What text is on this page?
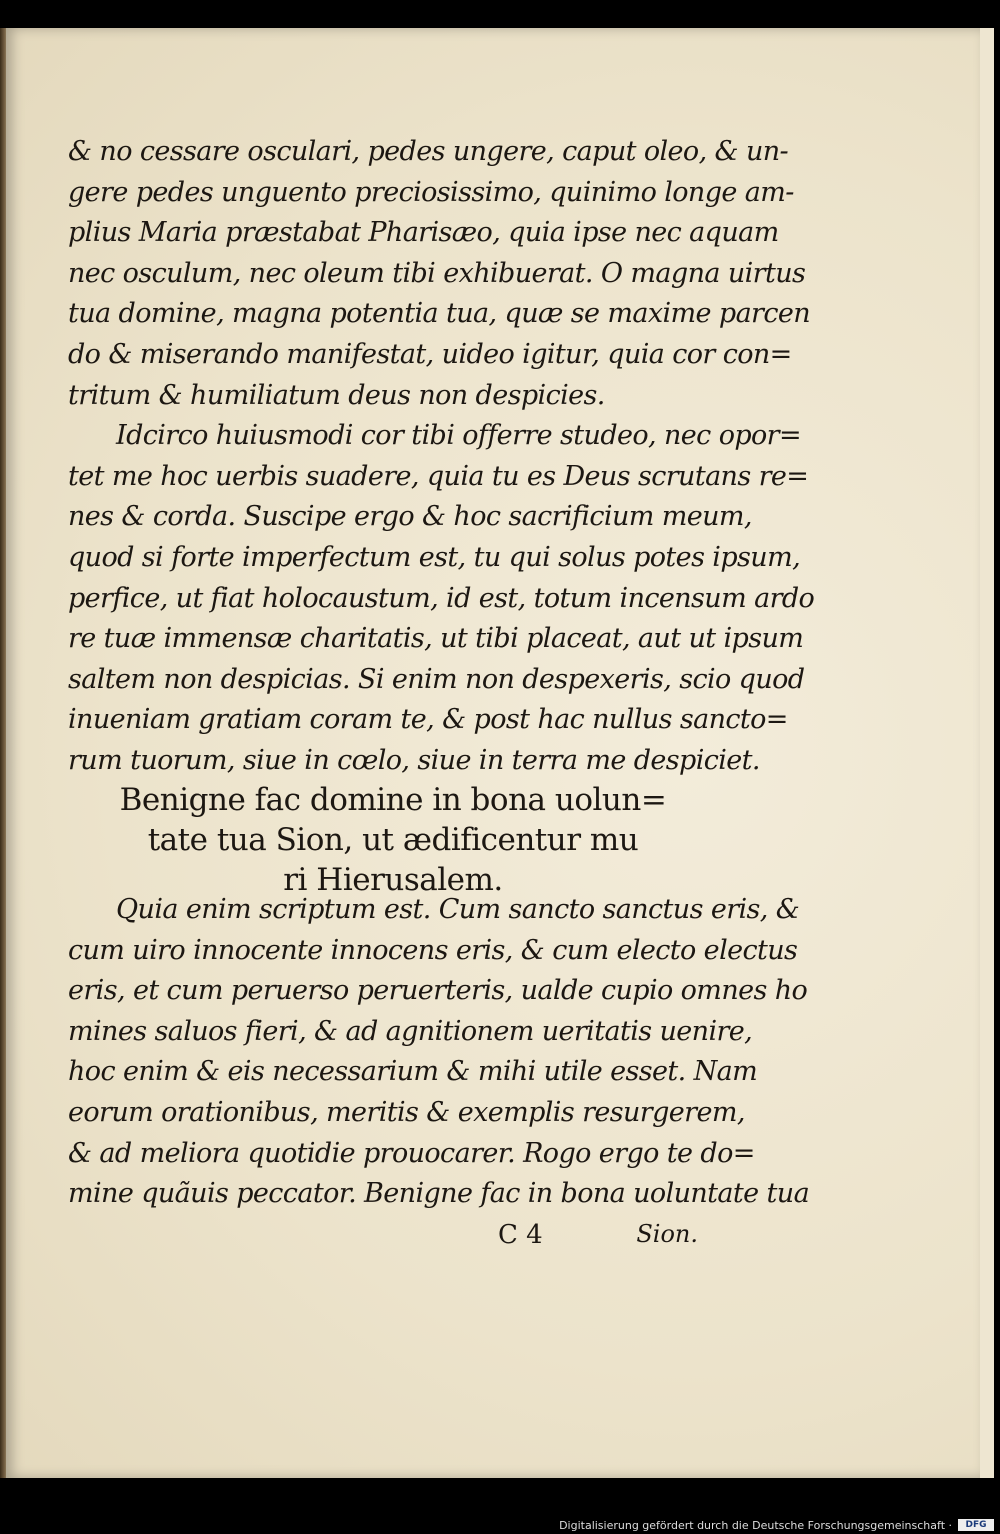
& no cessare osculari, pedes ungere, caput oleo, & un-
gere pedes unguento preciosissimo, quinimo longe am-
plius Maria præstabat Pharisæo, quia ipse nec aquam
nec osculum, nec oleum tibi exhibuerat. O magna uirtus
tua domine, magna potentia tua, quæ se maxime parcen
do & miserando manifestat, uideo igitur, quia cor con=
tritum & humiliatum deus non despicies.
Idcirco huiusmodi cor tibi offerre studeo, nec opor=
tet me hoc uerbis suadere, quia tu es Deus scrutans re=
nes & corda. Suscipe ergo & hoc sacrificium meum,
quod si forte imperfectum est, tu qui solus potes ipsum,
perfice, ut fiat holocaustum, id est, totum incensum ardo
re tuæ immensæ charitatis, ut tibi placeat, aut ut ipsum
saltem non despicias. Si enim non despexeris, scio quod
inueniam gratiam coram te, & post hac nullus sancto=
rum tuorum, siue in cœlo, siue in terra me despiciet.
Benigne fac domine in bona uolun=
tate tua Sion, ut ædificentur mu
ri Hierusalem.
Quia enim scriptum est. Cum sancto sanctus eris, &
cum uiro innocente innocens eris, & cum electo electus
eris, et cum peruerso peruerteris, ualde cupio omnes ho
mines saluos fieri, & ad agnitionem ueritatis uenire,
hoc enim & eis necessarium & mihi utile esset. Nam
eorum orationibus, meritis & exemplis resurgerem,
& ad meliora quotidie prouocarer. Rogo ergo te do=
mine quãuis peccator. Benigne fac in bona uoluntate tua
C 4	Sion.
Digitalisierung gefördert durch die Deutsche Forschungsgemeinschaft ·	DFG
